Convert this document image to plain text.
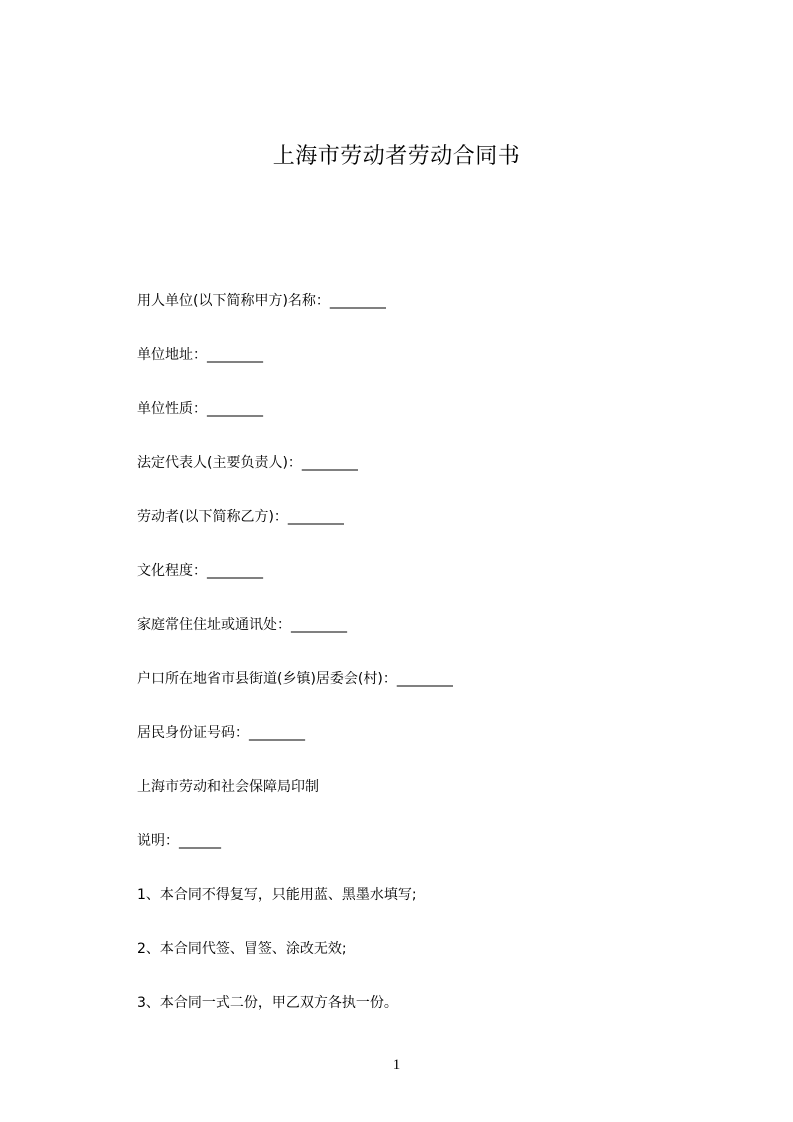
上海市劳动者劳动合同书
用人单位(以下简称甲方)名称：________
单位地址：________
单位性质：________
法定代表人(主要负责人)：________
劳动者(以下简称乙方)：________
文化程度：________
家庭常住住址或通讯处：________
户口所在地省市县街道(乡镇)居委会(村)：________
居民身份证号码：________
上海市劳动和社会保障局印制
说明：______
1、本合同不得复写，只能用蓝、黑墨水填写;
2、本合同代签、冒签、涂改无效;
3、本合同一式二份，甲乙双方各执一份。
1
